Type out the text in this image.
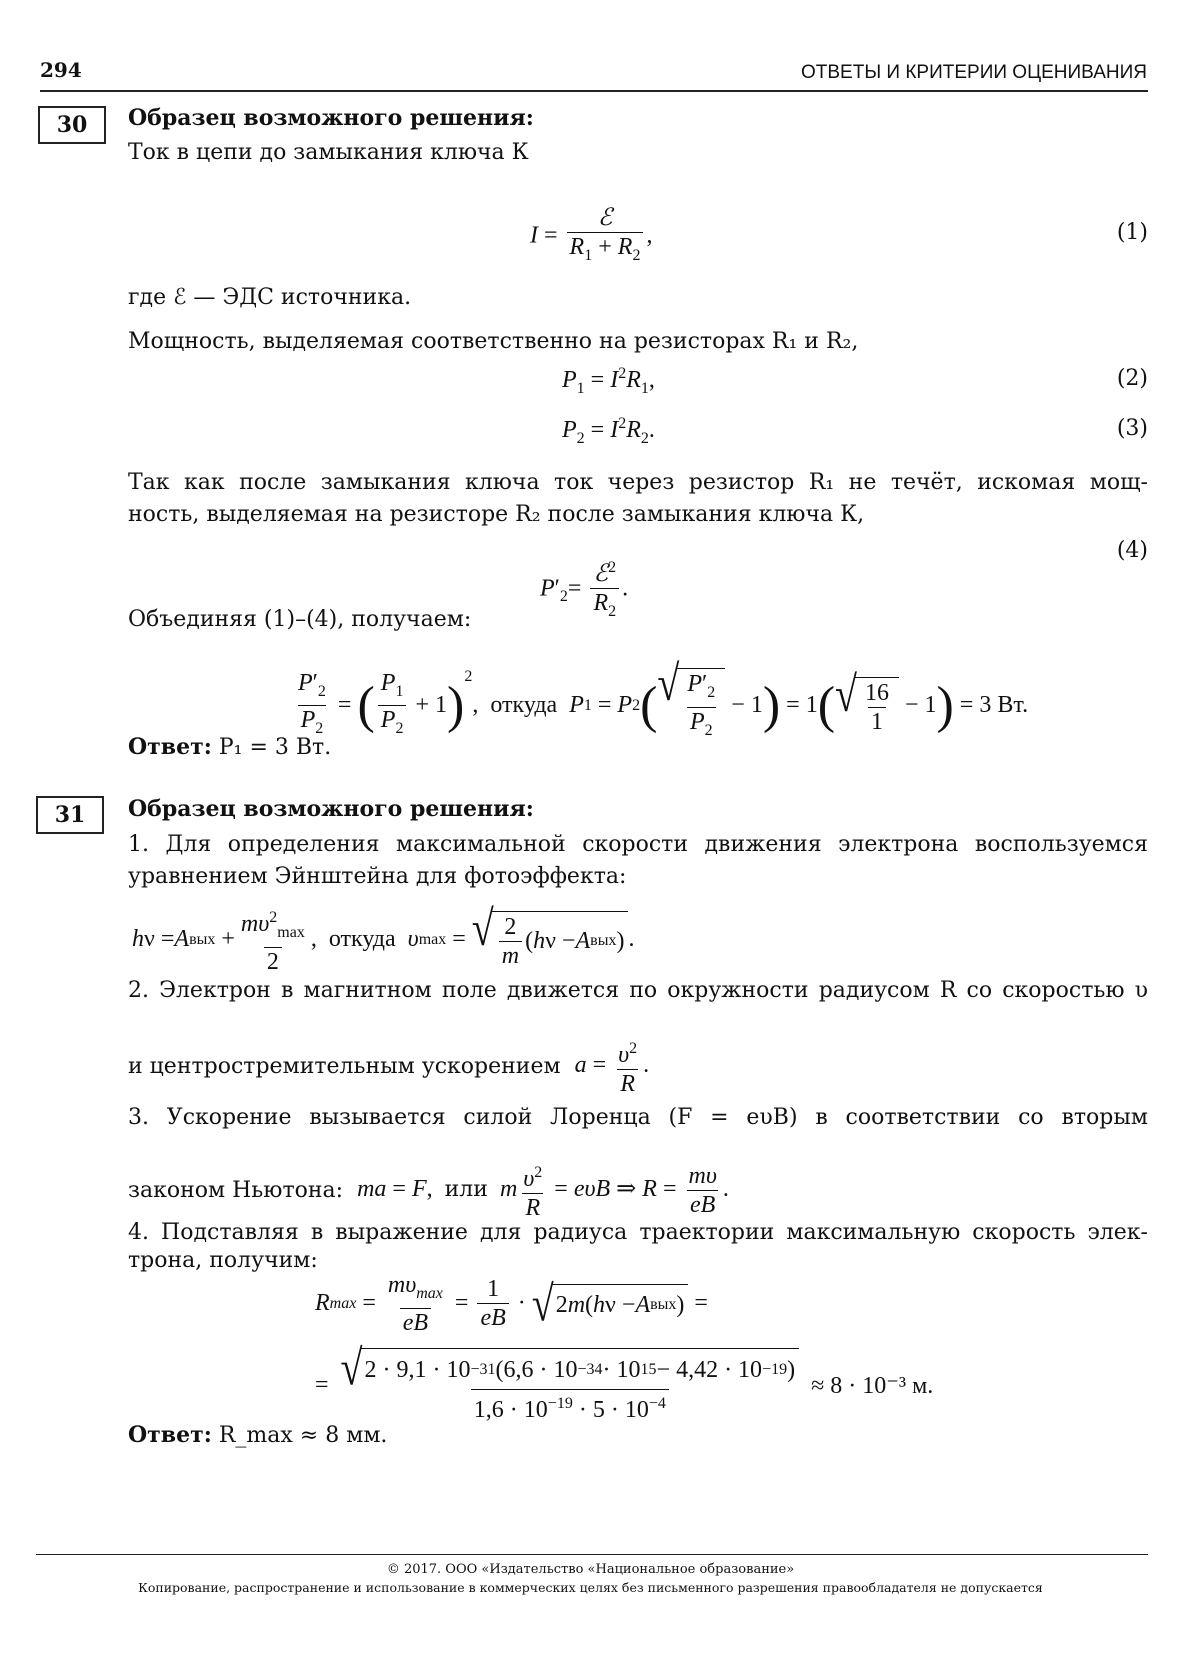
294	ОТВЕТЫ И КРИТЕРИИ ОЦЕНИВАНИЯ
30	Образец возможного решения:
Ток в цепи до замыкания ключа К
$I = \frac{\text{ℰ}}{R_1 + R_2}$ ,	(1)
где ℰ — ЭДС источника.
Мощность, выделяемая соответственно на резисторах R₁ и R₂,
$P_1 = I^2R_1$,	(2)
$P_2 = I^2R_2$.	(3)
Так как после замыкания ключа ток через резистор R₁ не течёт, искомая мощ-
ность, выделяемая на резисторе R₂ после замыкания ключа К,
$P'_2= \frac{ℰ^2}{R_2}$ .
(4)
Объединяя (1)–(4), получаем:
$\frac{P'_2}{P_2}$ = ( $\frac{P_1}{P_2} + 1$ )
$^2$
, откуда
P 1 = P 2 ( √ $\frac{P'_2}{P_2} - 1$ ) = 1 ( √ $\frac{16}{1} - 1$ )
= 3 Вт.
Ответ: P₁ = 3 Вт.
31	Образец возможного решения:
1. Для определения максимальной скорости движения электрона воспользуемся
уравнением Эйнштейна для фотоэффекта:
h ν = A вых + $\frac{m\upsilon^2_{max}}{2}$ , откуда
υ max = √ $\frac{2}{m}$ ( h ν − A вых ) .
2. Электрон в магнитном поле движется по окружности радиусом R со скоростью υ
и центростремительным ускорением $a = \frac{\upsilon^2}{R}$ .
3. Ускорение вызывается силой Лоренца (F = eυB) в соответствии со вторым
законом Ньютона: ma = F,  или m $\frac{\upsilon^2}{R} = e\upsilon B$ ⇒ $R = \frac{m\upsilon}{eB}$ .
4. Подставляя в выражение для радиуса траектории максимальную скорость элек-
трона, получим:
R $\max = \frac{m\upsilon_{max}}{eB} = \frac{1}{eB}$ · √ 2 m ( h ν − A вых ) =
= $\frac{√ 2 \cdot 9,1 \cdot 10 -31 (6,6 \cdot 10 -34 \cdot 10 15 - 4,42 \cdot 10 -19 )}{1,6 \cdot 10^{-19} \cdot 5 \cdot 10^{-4}}$
≈ 8 · 10⁻³ м.
Ответ: R_max ≈ 8 мм.
© 2017. ООО «Издательство «Национальное образование»
Копирование, распространение и использование в коммерческих целях без письменного разрешения правообладателя не допускается
